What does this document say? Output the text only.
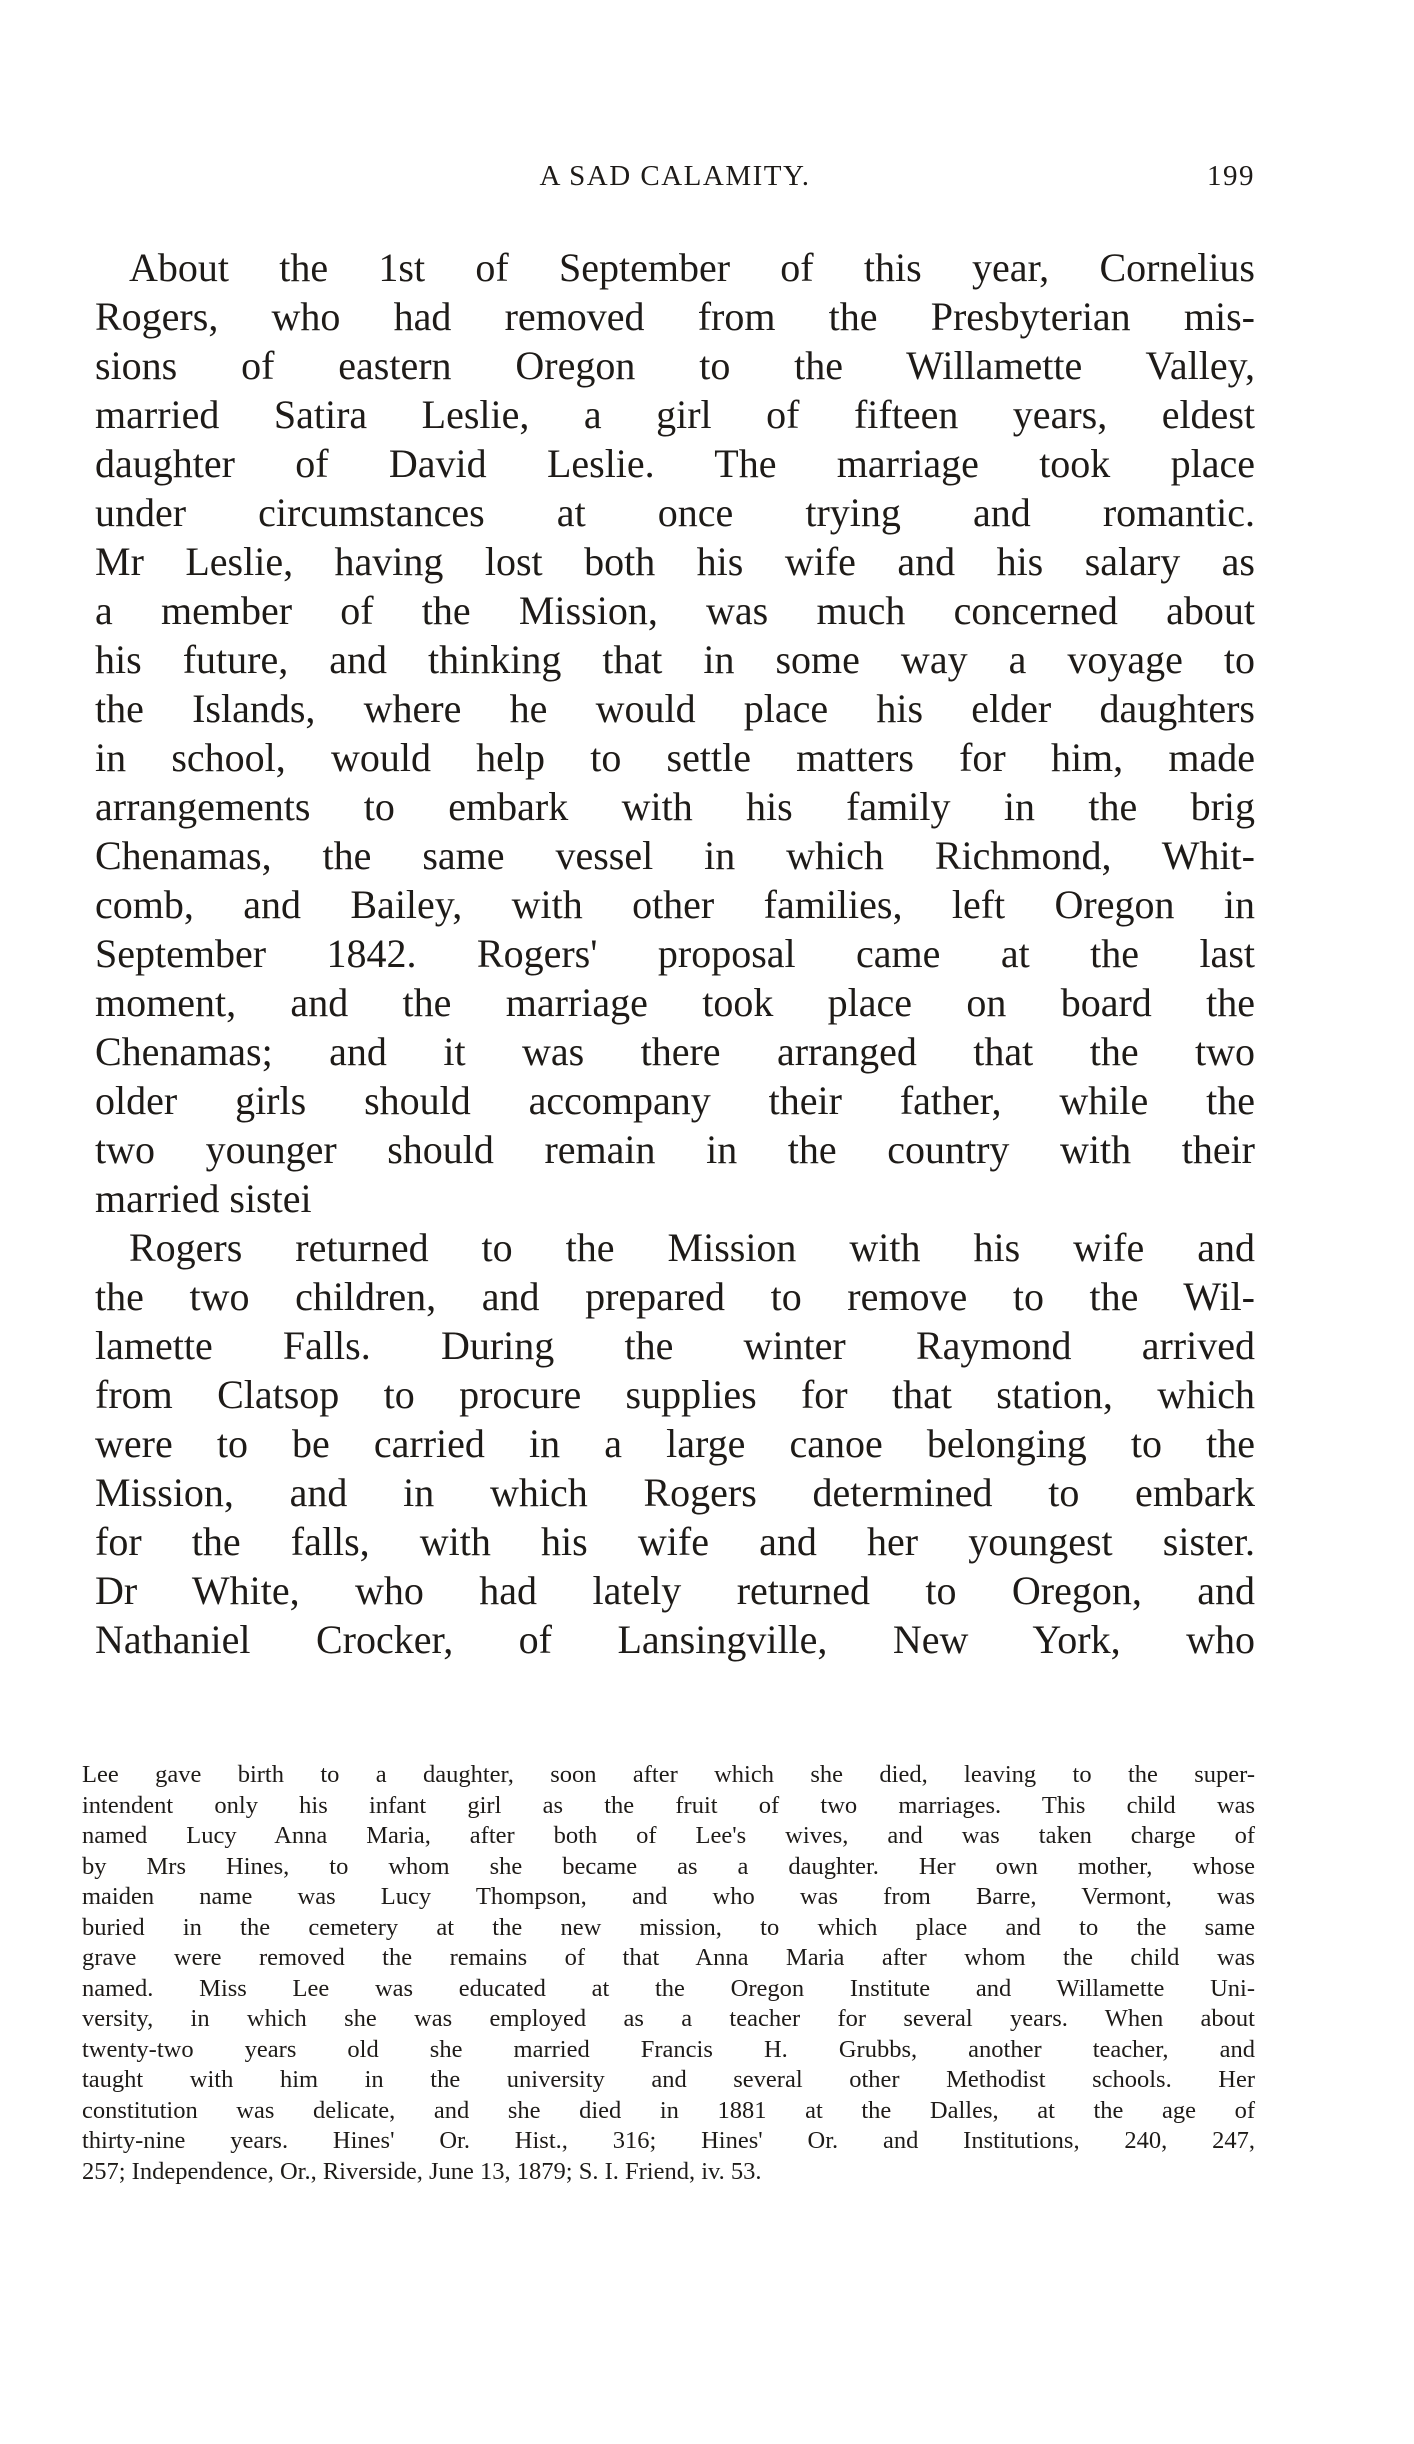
A SAD CALAMITY.	199
About the 1st of September of this year, Cornelius
Rogers, who had removed from the Presbyterian mis-
sions of eastern Oregon to the Willamette Valley,
married Satira Leslie, a girl of fifteen years, eldest
daughter of David Leslie. The marriage took place
under circumstances at once trying and romantic.
Mr Leslie, having lost both his wife and his salary as
a member of the Mission, was much concerned about
his future, and thinking that in some way a voyage to
the Islands, where he would place his elder daughters
in school, would help to settle matters for him, made
arrangements to embark with his family in the brig
Chenamas, the same vessel in which Richmond, Whit-
comb, and Bailey, with other families, left Oregon in
September 1842. Rogers' proposal came at the last
moment, and the marriage took place on board the
Chenamas; and it was there arranged that the two
older girls should accompany their father, while the
two younger should remain in the country with their
married sistei
Rogers returned to the Mission with his wife and
the two children, and prepared to remove to the Wil-
lamette Falls. During the winter Raymond arrived
from Clatsop to procure supplies for that station, which
were to be carried in a large canoe belonging to the
Mission, and in which Rogers determined to embark
for the falls, with his wife and her youngest sister.
Dr White, who had lately returned to Oregon, and
Nathaniel Crocker, of Lansingville, New York, who
Lee gave birth to a daughter, soon after which she died, leaving to the super-
intendent only his infant girl as the fruit of two marriages. This child was
named Lucy Anna Maria, after both of Lee's wives, and was taken charge of
by Mrs Hines, to whom she became as a daughter. Her own mother, whose
maiden name was Lucy Thompson, and who was from Barre, Vermont, was
buried in the cemetery at the new mission, to which place and to the same
grave were removed the remains of that Anna Maria after whom the child was
named. Miss Lee was educated at the Oregon Institute and Willamette Uni-
versity, in which she was employed as a teacher for several years. When about
twenty-two years old she married Francis H. Grubbs, another teacher, and
taught with him in the university and several other Methodist schools. Her
constitution was delicate, and she died in 1881 at the Dalles, at the age of
thirty-nine years. Hines' Or. Hist., 316; Hines' Or. and Institutions, 240, 247,
257; Independence, Or., Riverside, June 13, 1879; S. I. Friend, iv. 53.
